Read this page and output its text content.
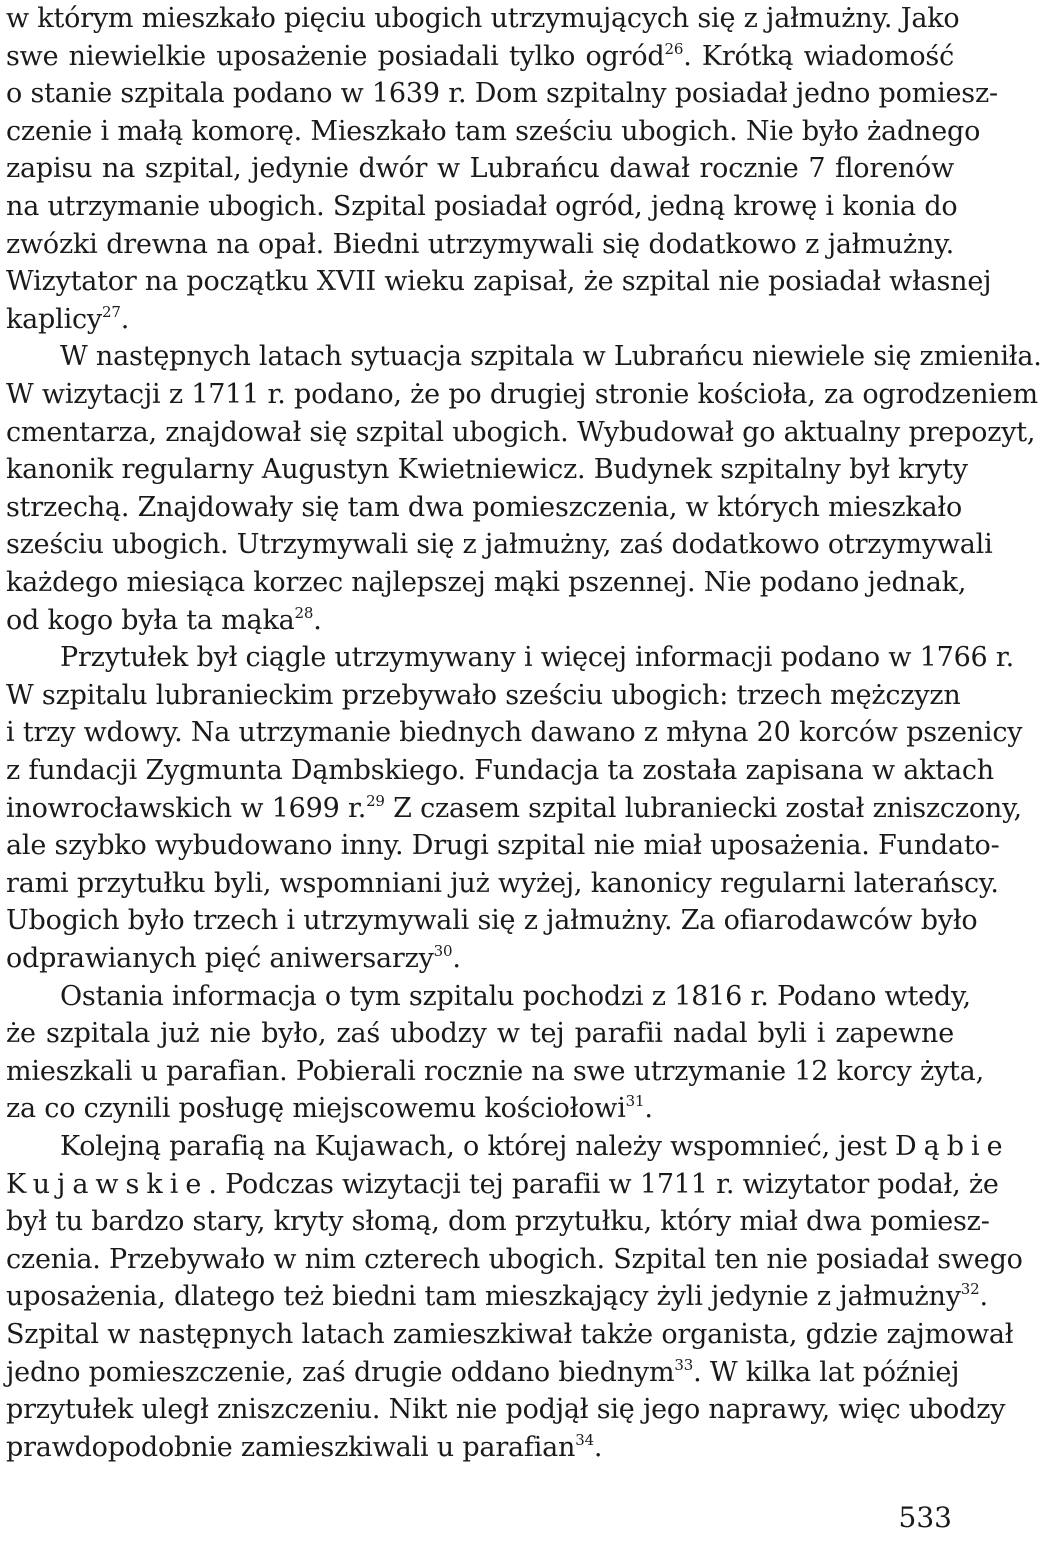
w którym mieszkało pięciu ubogich utrzymujących się z jałmużny. Jako
swe niewielkie uposażenie posiadali tylko ogród$^{26}$. Krótką wiadomość
o stanie szpitala podano w 1639 r. Dom szpitalny posiadał jedno pomiesz-
czenie i małą komorę. Mieszkało tam sześciu ubogich. Nie było żadnego
zapisu na szpital, jedynie dwór w Lubrańcu dawał rocznie 7 florenów
na utrzymanie ubogich. Szpital posiadał ogród, jedną krowę i konia do
zwózki drewna na opał. Biedni utrzymywali się dodatkowo z jałmużny.
Wizytator na początku XVII wieku zapisał, że szpital nie posiadał własnej
kaplicy$^{27}$.
W następnych latach sytuacja szpitala w Lubrańcu niewiele się zmieniła.
W wizytacji z 1711 r. podano, że po drugiej stronie kościoła, za ogrodzeniem
cmentarza, znajdował się szpital ubogich. Wybudował go aktualny prepozyt,
kanonik regularny Augustyn Kwietniewicz. Budynek szpitalny był kryty
strzechą. Znajdowały się tam dwa pomieszczenia, w których mieszkało
sześciu ubogich. Utrzymywali się z jałmużny, zaś dodatkowo otrzymywali
każdego miesiąca korzec najlepszej mąki pszennej. Nie podano jednak,
od kogo była ta mąka$^{28}$.
Przytułek był ciągle utrzymywany i więcej informacji podano w 1766 r.
W szpitalu lubranieckim przebywało sześciu ubogich: trzech mężczyzn
i trzy wdowy. Na utrzymanie biednych dawano z młyna 20 korców pszenicy
z fundacji Zygmunta Dąmbskiego. Fundacja ta została zapisana w aktach
inowrocławskich w 1699 r.$^{29}$ Z czasem szpital lubraniecki został zniszczony,
ale szybko wybudowano inny. Drugi szpital nie miał uposażenia. Fundato-
rami przytułku byli, wspomniani już wyżej, kanonicy regularni laterańscy.
Ubogich było trzech i utrzymywali się z jałmużny. Za ofiarodawców było
odprawianych pięć aniwersarzy$^{30}$.
Ostania informacja o tym szpitalu pochodzi z 1816 r. Podano wtedy,
że szpitala już nie było, zaś ubodzy w tej parafii nadal byli i zapewne
mieszkali u parafian. Pobierali rocznie na swe utrzymanie 12 korcy żyta,
za co czynili posługę miejscowemu kościołowi$^{31}$.
Kolejną parafią na Kujawach, o której należy wspomnieć, jest Dąbie
Kujawskie. Podczas wizytacji tej parafii w 1711 r. wizytator podał, że
był tu bardzo stary, kryty słomą, dom przytułku, który miał dwa pomiesz-
czenia. Przebywało w nim czterech ubogich. Szpital ten nie posiadał swego
uposażenia, dlatego też biedni tam mieszkający żyli jedynie z jałmużny$^{32}$.
Szpital w następnych latach zamieszkiwał także organista, gdzie zajmował
jedno pomieszczenie, zaś drugie oddano biednym$^{33}$. W kilka lat później
przytułek uległ zniszczeniu. Nikt nie podjął się jego naprawy, więc ubodzy
prawdopodobnie zamieszkiwali u parafian$^{34}$.
533
